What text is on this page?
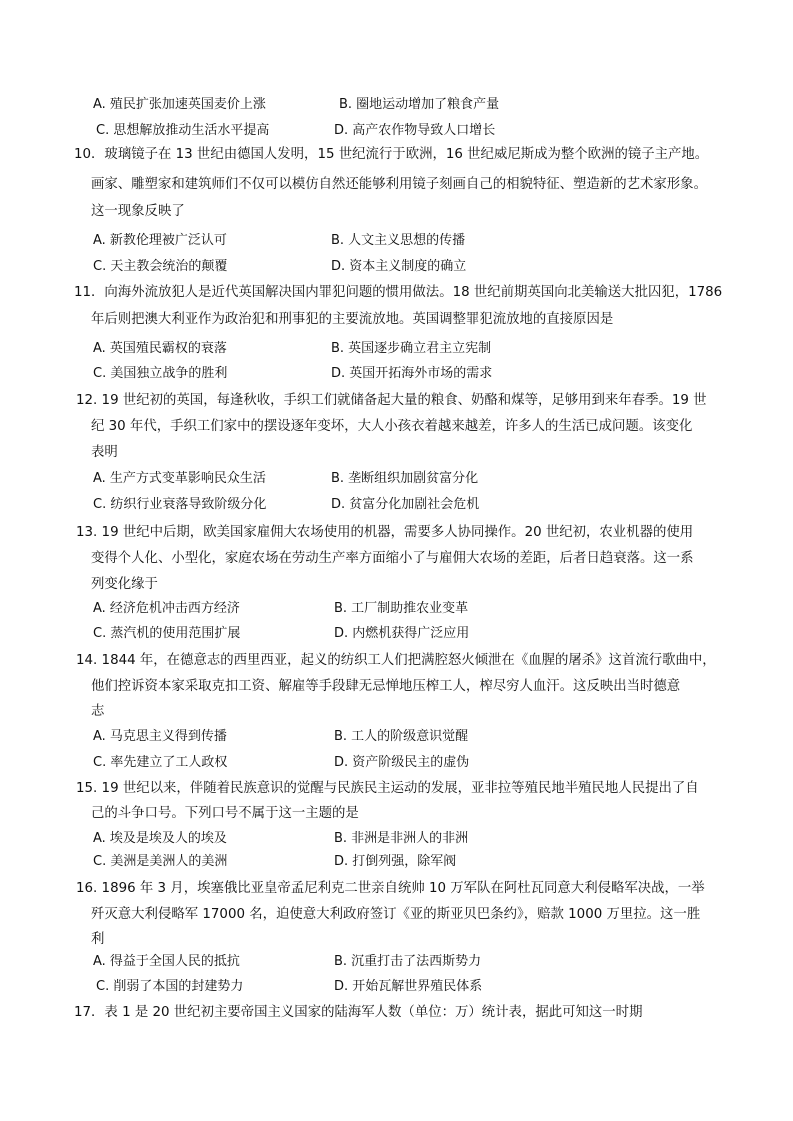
A. 殖民扩张加速英国麦价上涨	B. 圈地运动增加了粮食产量
C. 思想解放推动生活水平提高	D. 高产农作物导致人口增长
10．玻璃镜子在 13 世纪由德国人发明，15 世纪流行于欧洲，16 世纪威尼斯成为整个欧洲的镜子主产地。
画家、雕塑家和建筑师们不仅可以模仿自然还能够利用镜子刻画自己的相貌特征、塑造新的艺术家形象。
这一现象反映了
A. 新教伦理被广泛认可	B. 人文主义思想的传播
C. 天主教会统治的颠覆	D. 资本主义制度的确立
11．向海外流放犯人是近代英国解决国内罪犯问题的惯用做法。18 世纪前期英国向北美输送大批囚犯，1786
年后则把澳大利亚作为政治犯和刑事犯的主要流放地。英国调整罪犯流放地的直接原因是
A. 英国殖民霸权的衰落	B. 英国逐步确立君主立宪制
C. 美国独立战争的胜利	D. 英国开拓海外市场的需求
12. 19 世纪初的英国，每逢秋收，手织工们就储备起大量的粮食、奶酪和煤等，足够用到来年春季。19 世
纪 30 年代，手织工们家中的摆设逐年变坏，大人小孩衣着越来越差，许多人的生活已成问题。该变化
表明
A. 生产方式变革影响民众生活	B. 垄断组织加剧贫富分化
C. 纺织行业衰落导致阶级分化	D. 贫富分化加剧社会危机
13. 19 世纪中后期，欧美国家雇佣大农场使用的机器，需要多人协同操作。20 世纪初，农业机器的使用
变得个人化、小型化，家庭农场在劳动生产率方面缩小了与雇佣大农场的差距，后者日趋衰落。这一系
列变化缘于
A. 经济危机冲击西方经济	B. 工厂制助推农业变革
C. 蒸汽机的使用范围扩展	D. 内燃机获得广泛应用
14. 1844 年，在德意志的西里西亚，起义的纺织工人们把满腔怒火倾泄在《血腥的屠杀》这首流行歌曲中，
他们控诉资本家采取克扣工资、解雇等手段肆无忌惮地压榨工人，榨尽穷人血汗。这反映出当时德意
志
A. 马克思主义得到传播	B. 工人的阶级意识觉醒
C. 率先建立了工人政权	D. 资产阶级民主的虚伪
15. 19 世纪以来，伴随着民族意识的觉醒与民族民主运动的发展，亚非拉等殖民地半殖民地人民提出了自
己的斗争口号。下列口号不属于这一主题的是
A. 埃及是埃及人的埃及	B. 非洲是非洲人的非洲
C. 美洲是美洲人的美洲	D. 打倒列强，除军阀
16. 1896 年 3 月，埃塞俄比亚皇帝孟尼利克二世亲自统帅 10 万军队在阿杜瓦同意大利侵略军决战，一举
歼灭意大利侵略军 17000 名，迫使意大利政府签订《亚的斯亚贝巴条约》，赔款 1000 万里拉。这一胜
利
A. 得益于全国人民的抵抗	B. 沉重打击了法西斯势力
C. 削弱了本国的封建势力	D. 开始瓦解世界殖民体系
17．表 1 是 20 世纪初主要帝国主义国家的陆海军人数（单位：万）统计表，据此可知这一时期
